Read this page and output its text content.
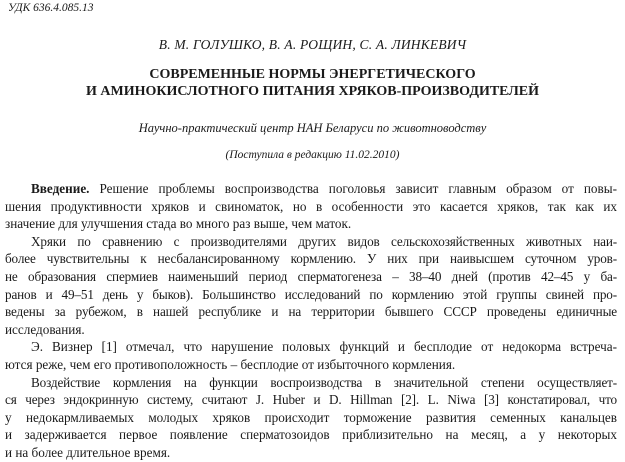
УДК 636.4.085.13
В. М. ГОЛУШКО, В. А. РОЩИН, С. А. ЛИНКЕВИЧ
СОВРЕМЕННЫЕ НОРМЫ ЭНЕРГЕТИЧЕСКОГО
И АМИНОКИСЛОТНОГО ПИТАНИЯ ХРЯКОВ-ПРОИЗВОДИТЕЛЕЙ
Научно-практический центр НАН Беларуси по животноводству
(Поступила в редакцию 11.02.2010)
Введение. Решение проблемы воспроизводства поголовья зависит главным образом от повы-
шения продуктивности хряков и свиноматок, но в особенности это касается хряков, так как их
значение для улучшения стада во много раз выше, чем маток.
Хряки по сравнению с производителями других видов сельскохозяйственных животных наи-
более чувствительны к несбалансированному кормлению. У них при наивысшем суточном уров-
не образования спермиев наименьший период сперматогенеза – 38–40 дней (против 42–45 у ба-
ранов и 49–51 день у быков). Большинство исследований по кормлению этой группы свиней про-
ведены за рубежом, в нашей республике и на территории бывшего СССР проведены единичные
исследования.
Э. Визнер [1] отмечал, что нарушение половых функций и бесплодие от недокорма встреча-
ются реже, чем его противоположность – бесплодие от избыточного кормления.
Воздействие кормления на функции воспроизводства в значительной степени осуществляет-
ся через эндокринную систему, считают J. Huber и D. Hillman [2]. L. Niwa [3] констатировал, что
у недокармливаемых молодых хряков происходит торможение развития семенных канальцев
и задерживается первое появление сперматозоидов приблизительно на месяц, а у некоторых
и на более длительное время.
